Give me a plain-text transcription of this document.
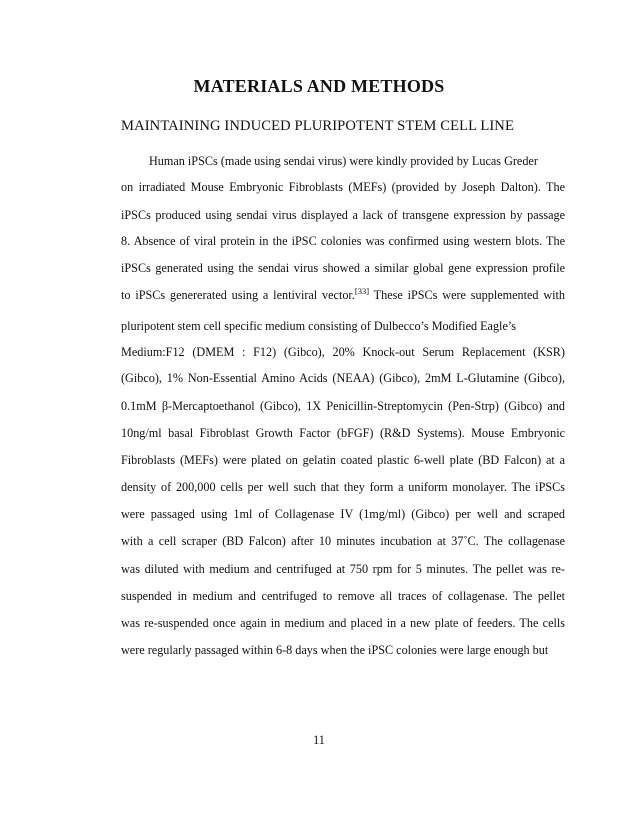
MATERIALS AND METHODS
MAINTAINING INDUCED PLURIPOTENT STEM CELL LINE
Human iPSCs (made using sendai virus) were kindly provided by Lucas Greder
on irradiated Mouse Embryonic Fibroblasts (MEFs) (provided by Joseph Dalton). The
iPSCs produced using sendai virus displayed a lack of transgene expression by passage
8. Absence of viral protein in the iPSC colonies was confirmed using western blots. The
iPSCs generated using the sendai virus showed a similar global gene expression profile
to iPSCs genererated using a lentiviral vector.[33] These iPSCs were supplemented with
pluripotent stem cell specific medium consisting of Dulbecco’s Modified Eagle’s
Medium:F12 (DMEM : F12) (Gibco), 20% Knock-out Serum Replacement (KSR)
(Gibco), 1% Non-Essential Amino Acids (NEAA) (Gibco), 2mM L-Glutamine (Gibco),
0.1mM β-Mercaptoethanol (Gibco), 1X Penicillin-Streptomycin (Pen-Strp) (Gibco) and
10ng/ml basal Fibroblast Growth Factor (bFGF) (R&D Systems). Mouse Embryonic
Fibroblasts (MEFs) were plated on gelatin coated plastic 6-well plate (BD Falcon) at a
density of 200,000 cells per well such that they form a uniform monolayer. The iPSCs
were passaged using 1ml of Collagenase IV (1mg/ml) (Gibco) per well and scraped
with a cell scraper (BD Falcon) after 10 minutes incubation at 37˚C. The collagenase
was diluted with medium and centrifuged at 750 rpm for 5 minutes. The pellet was re-
suspended in medium and centrifuged to remove all traces of collagenase. The pellet
was re-suspended once again in medium and placed in a new plate of feeders. The cells
were regularly passaged within 6-8 days when the iPSC colonies were large enough but
11
